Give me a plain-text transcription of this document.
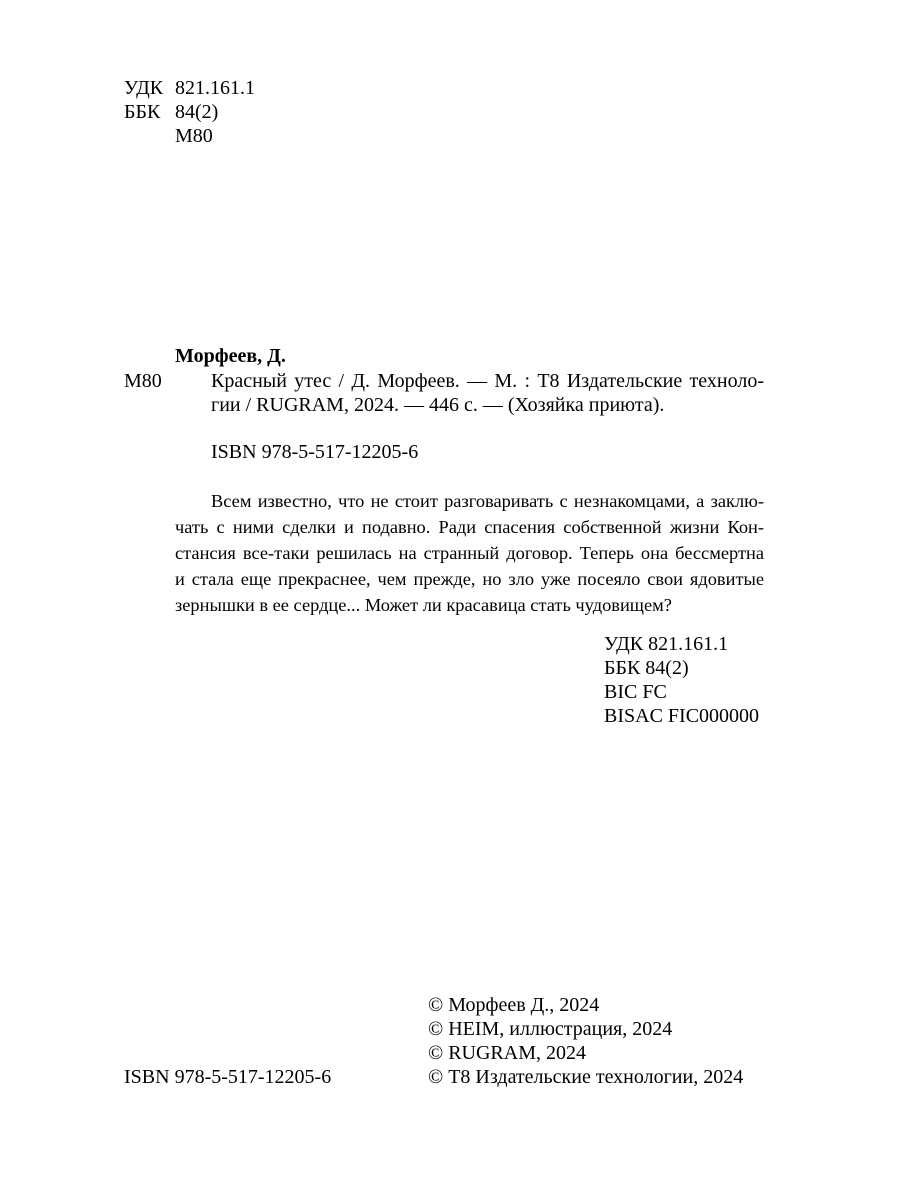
УДК 821.161.1
ББК 84(2)
М80
Морфеев, Д.
М80 Красный утес / Д. Морфеев. — М. : Т8 Издательские техноло-
гии / RUGRAM, 2024. — 446 с. — (Хозяйка приюта).
ISBN 978-5-517-12205-6
Всем известно, что не стоит разговаривать с незнакомцами, а заклю-
чать с ними сделки и подавно. Ради спасения собственной жизни Кон-
стансия все-таки решилась на странный договор. Теперь она бессмертна
и стала еще прекраснее, чем прежде, но зло уже посеяло свои ядовитые
зернышки в ее сердце... Может ли красавица стать чудовищем?
УДК 821.161.1
ББК 84(2)
BIC FC
BISAC FIC000000
© Морфеев Д., 2024
© HEIM, иллюстрация, 2024
© RUGRAM, 2024
© Т8 Издательские технологии, 2024
ISBN 978-5-517-12205-6
